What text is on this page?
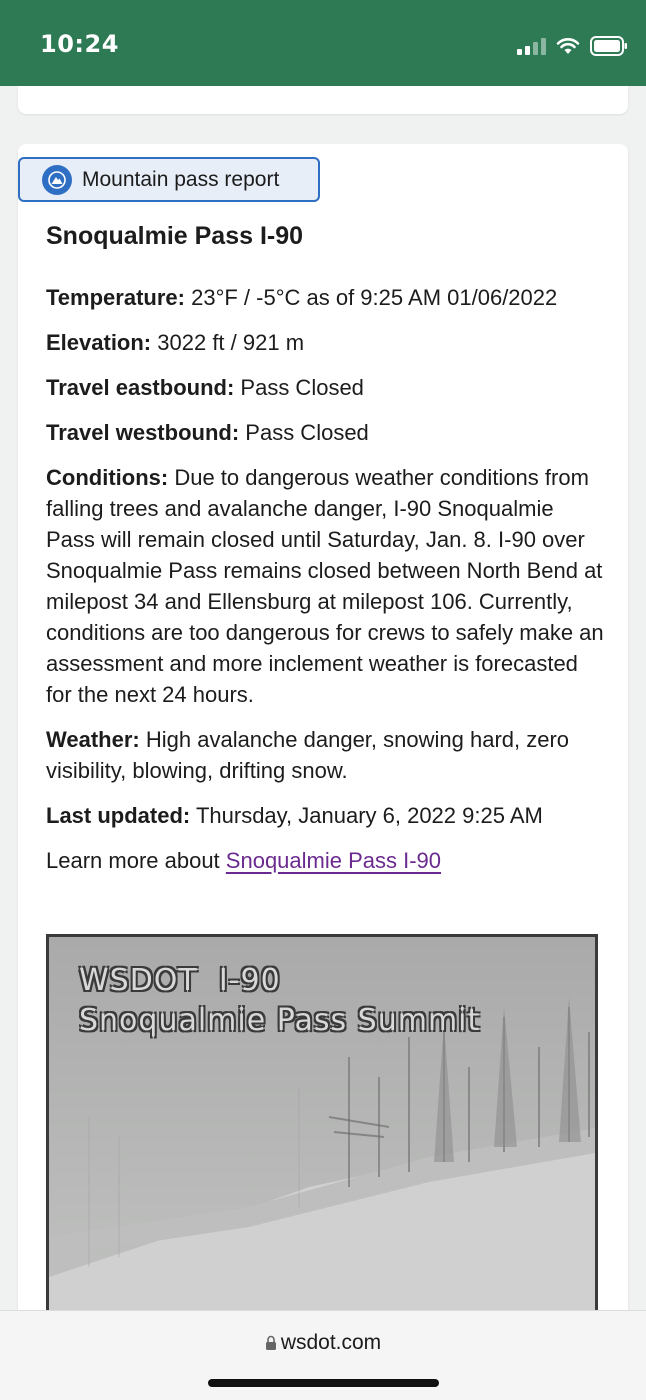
10:24
Mountain pass report
Snoqualmie Pass I-90

Temperature: 23°F / -5°C as of 9:25 AM 01/06/2022

Elevation: 3022 ft / 921 m

Travel eastbound: Pass Closed

Travel westbound: Pass Closed

Conditions: Due to dangerous weather conditions from falling trees and avalanche danger, I-90 Snoqualmie Pass will remain closed until Saturday, Jan. 8. I-90 over Snoqualmie Pass remains closed between North Bend at milepost 34 and Ellensburg at milepost 106. Currently, conditions are too dangerous for crews to safely make an assessment and more inclement weather is forecasted for the next 24 hours.

Weather: High avalanche danger, snowing hard, zero visibility, blowing, drifting snow.

Last updated: Thursday, January 6, 2022 9:25 AM

Learn more about Snoqualmie Pass I-90

WSDOT  I-90
Snoqualmie Pass Summit
wsdot.com
